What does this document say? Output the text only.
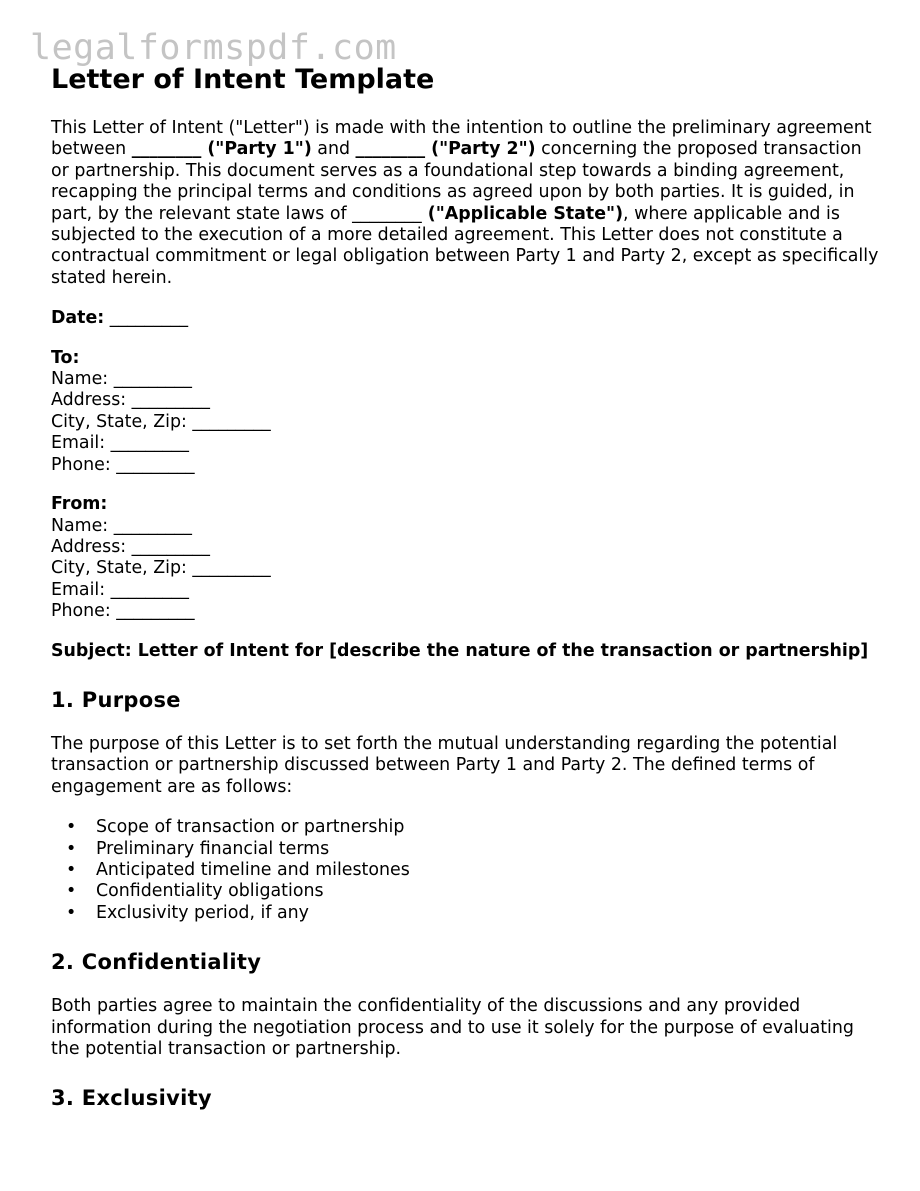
legalformspdf.com
Letter of Intent Template

This Letter of Intent ("Letter") is made with the intention to outline the preliminary agreement between ________ ("Party 1") and ________ ("Party 2") concerning the proposed transaction or partnership. This document serves as a foundational step towards a binding agreement, recapping the principal terms and conditions as agreed upon by both parties. It is guided, in part, by the relevant state laws of ________ ("Applicable State"), where applicable and is subjected to the execution of a more detailed agreement. This Letter does not constitute a contractual commitment or legal obligation between Party 1 and Party 2, except as specifically stated herein.

Date: _________

To:
Name: _________
Address: _________
City, State, Zip: _________
Email: _________
Phone: _________
From:
Name: _________
Address: _________
City, State, Zip: _________
Email: _________
Phone: _________

Subject: Letter of Intent for [describe the nature of the transaction or partnership]

1. Purpose

The purpose of this Letter is to set forth the mutual understanding regarding the potential transaction or partnership discussed between Party 1 and Party 2. The defined terms of engagement are as follows:

• Scope of transaction or partnership
• Preliminary financial terms
• Anticipated timeline and milestones
• Confidentiality obligations
• Exclusivity period, if any
2. Confidentiality

Both parties agree to maintain the confidentiality of the discussions and any provided information during the negotiation process and to use it solely for the purpose of evaluating the potential transaction or partnership.

3. Exclusivity
